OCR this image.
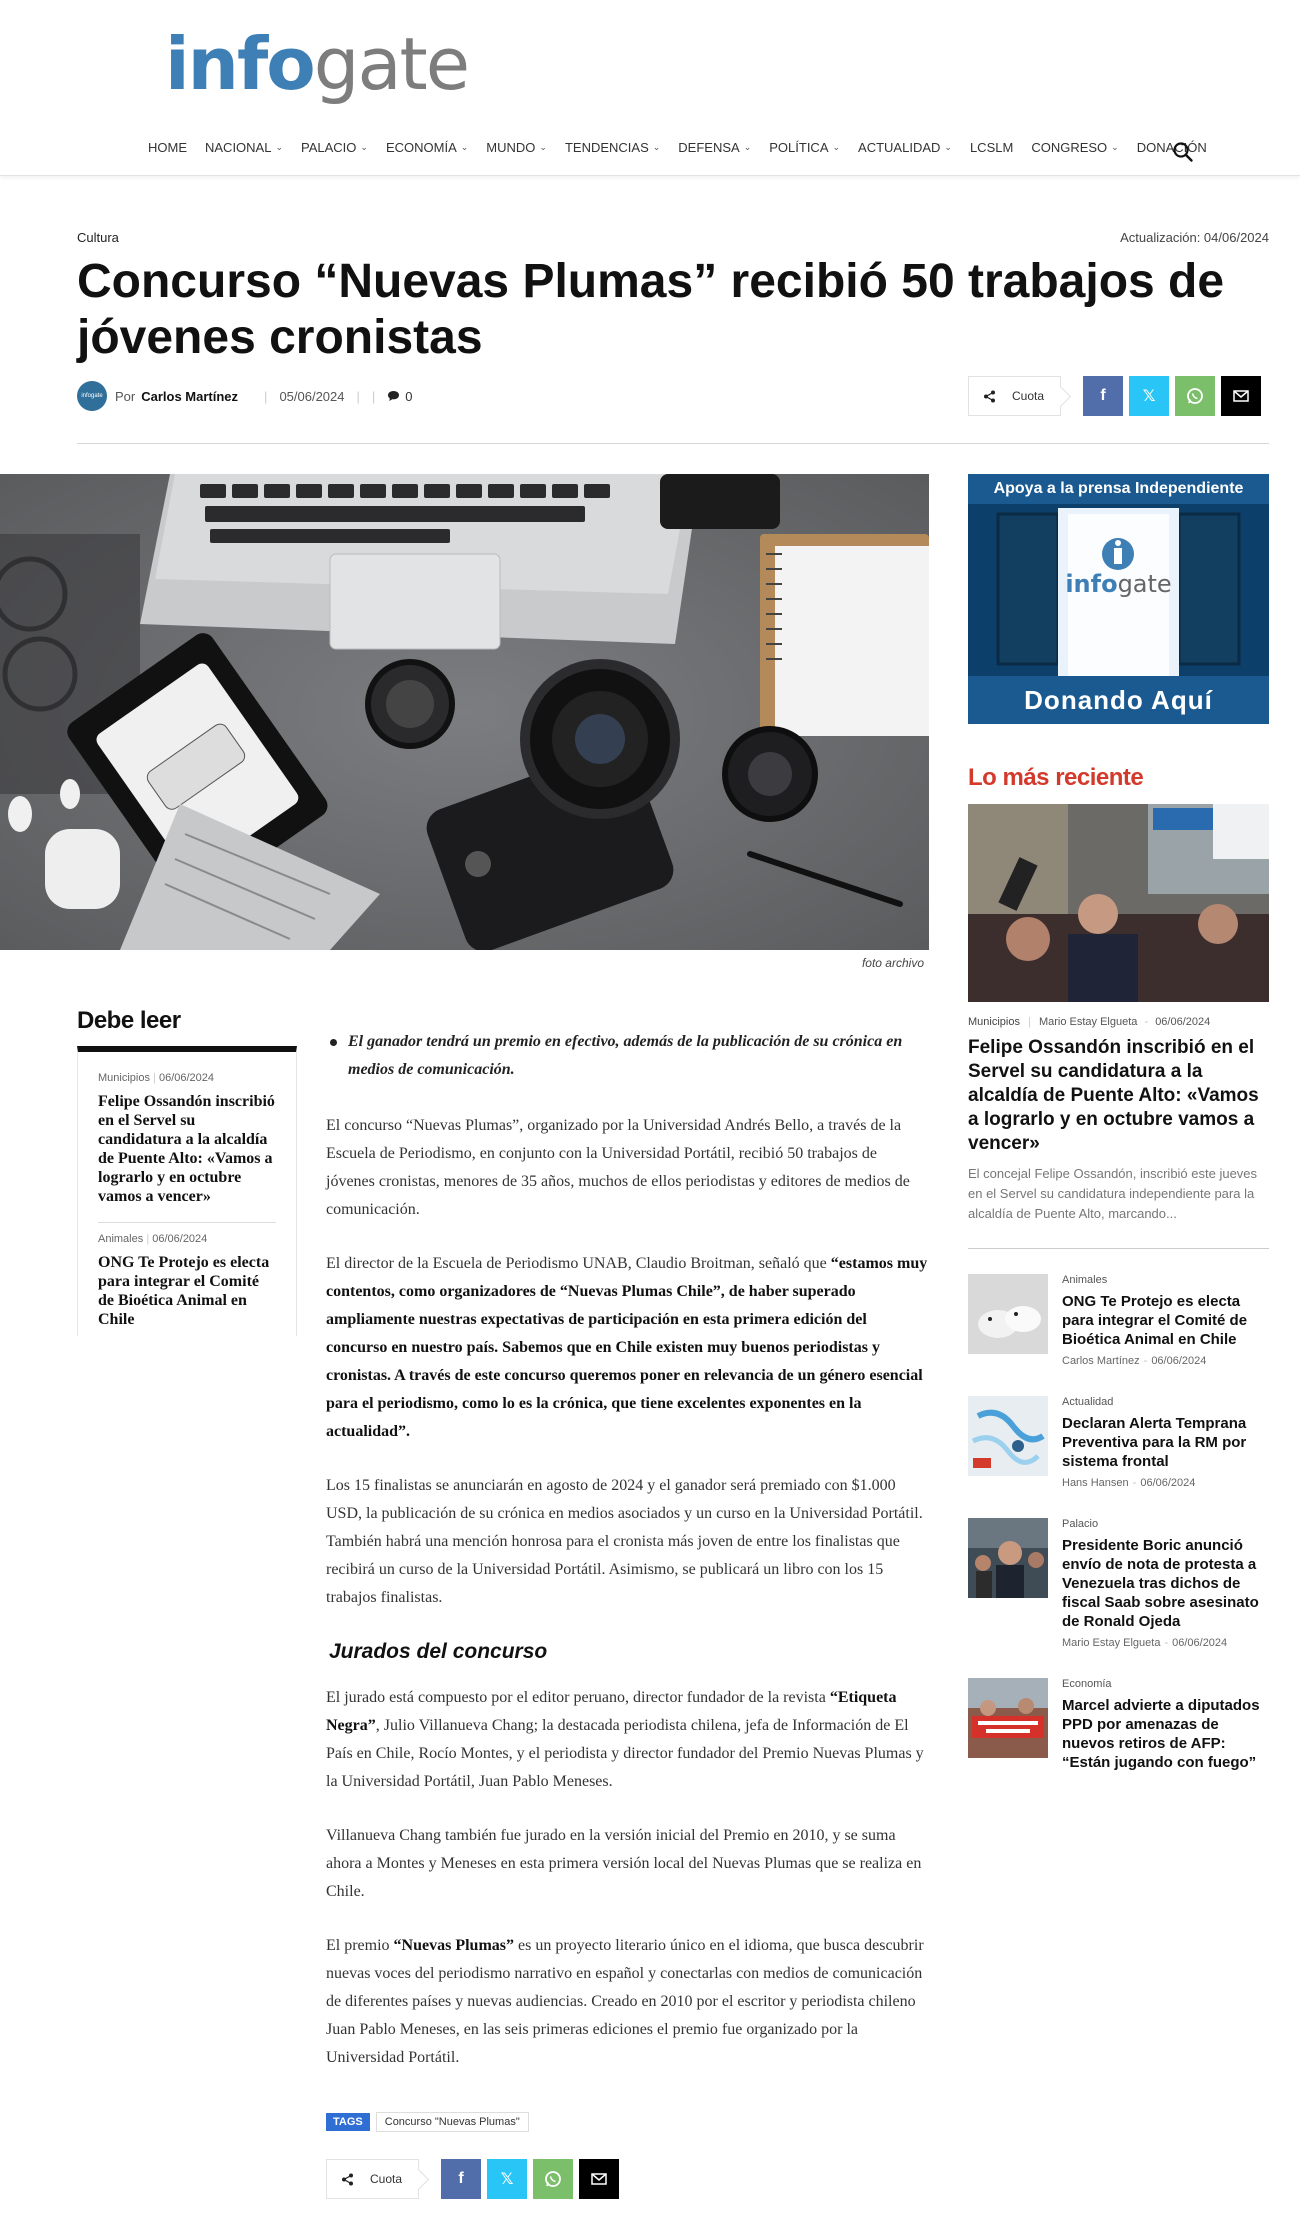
infogate
HOME NACIONAL ⌄ PALACIO ⌄ ECONOMÍA ⌄ MUNDO ⌄ TENDENCIAS ⌄ DEFENSA ⌄ POLÍTICA ⌄ ACTUALIDAD ⌄ LCSLM CONGRESO ⌄ DONACIÓN
Cultura	Actualización: 04/06/2024
Concurso “Nuevas Plumas” recibió 50 trabajos de jóvenes cronistas
infogate Por Carlos Martínez | 05/06/2024 | | 0	Cuota	f 𝕏
foto archivo
Debe leer
Municipios | 06/06/2024
Felipe Ossandón inscribió en el Servel su candidatura a la alcaldía de Puente Alto: «Vamos a lograrlo y en octubre vamos a vencer»
Animales | 06/06/2024
ONG Te Protejo es electa para integrar el Comité de Bioética Animal en Chile
El ganador tendrá un premio en efectivo, además de la publicación de su crónica en medios de comunicación.

El concurso “Nuevas Plumas”, organizado por la Universidad Andrés Bello, a través de la Escuela de Periodismo, en conjunto con la Universidad Portátil, recibió 50 trabajos de jóvenes cronistas, menores de 35 años, muchos de ellos periodistas y editores de medios de comunicación.

El director de la Escuela de Periodismo UNAB, Claudio Broitman, señaló que “estamos muy contentos, como organizadores de “Nuevas Plumas Chile”, de haber superado ampliamente nuestras expectativas de participación en esta primera edición del concurso en nuestro país. Sabemos que en Chile existen muy buenos periodistas y cronistas. A través de este concurso queremos poner en relevancia de un género esencial para el periodismo, como lo es la crónica, que tiene excelentes exponentes en la actualidad”.

Los 15 finalistas se anunciarán en agosto de 2024 y el ganador será premiado con $1.000 USD, la publicación de su crónica en medios asociados y un curso en la Universidad Portátil. También habrá una mención honrosa para el cronista más joven de entre los finalistas que recibirá un curso de la Universidad Portátil. Asimismo, se publicará un libro con los 15 trabajos finalistas.

Jurados del concurso

El jurado está compuesto por el editor peruano, director fundador de la revista “Etiqueta Negra”, Julio Villanueva Chang; la destacada periodista chilena, jefa de Información de El País en Chile, Rocío Montes, y el periodista y director fundador del Premio Nuevas Plumas y la Universidad Portátil, Juan Pablo Meneses.

Villanueva Chang también fue jurado en la versión inicial del Premio en 2010, y se suma ahora a Montes y Meneses en esta primera versión local del Nuevas Plumas que se realiza en Chile.

El premio “Nuevas Plumas” es un proyecto literario único en el idioma, que busca descubrir nuevas voces del periodismo narrativo en español y conectarlas con medios de comunicación de diferentes países y nuevas audiencias. Creado en 2010 por el escritor y periodista chileno Juan Pablo Meneses, en las seis primeras ediciones el premio fue organizado por la Universidad Portátil.

TAGS	Concurso "Nuevas Plumas"
Cuota	f 𝕏
Apoya a la prensa Independiente
infogate
Donando Aquí
Lo más reciente
Municipios | Mario Estay Elgueta - 06/06/2024
Felipe Ossandón inscribió en el Servel su candidatura a la alcaldía de Puente Alto: «Vamos a lograrlo y en octubre vamos a vencer»
El concejal Felipe Ossandón, inscribió este jueves en el Servel su candidatura independiente para la alcaldía de Puente Alto, marcando...
Animales
ONG Te Protejo es electa para integrar el Comité de Bioética Animal en Chile
Carlos Martínez - 06/06/2024
Actualidad
Declaran Alerta Temprana Preventiva para la RM por sistema frontal
Hans Hansen - 06/06/2024
Palacio
Presidente Boric anunció envío de nota de protesta a Venezuela tras dichos de fiscal Saab sobre asesinato de Ronald Ojeda
Mario Estay Elgueta - 06/06/2024
Economía
Marcel advierte a diputados PPD por amenazas de nuevos retiros de AFP: “Están jugando con fuego”
